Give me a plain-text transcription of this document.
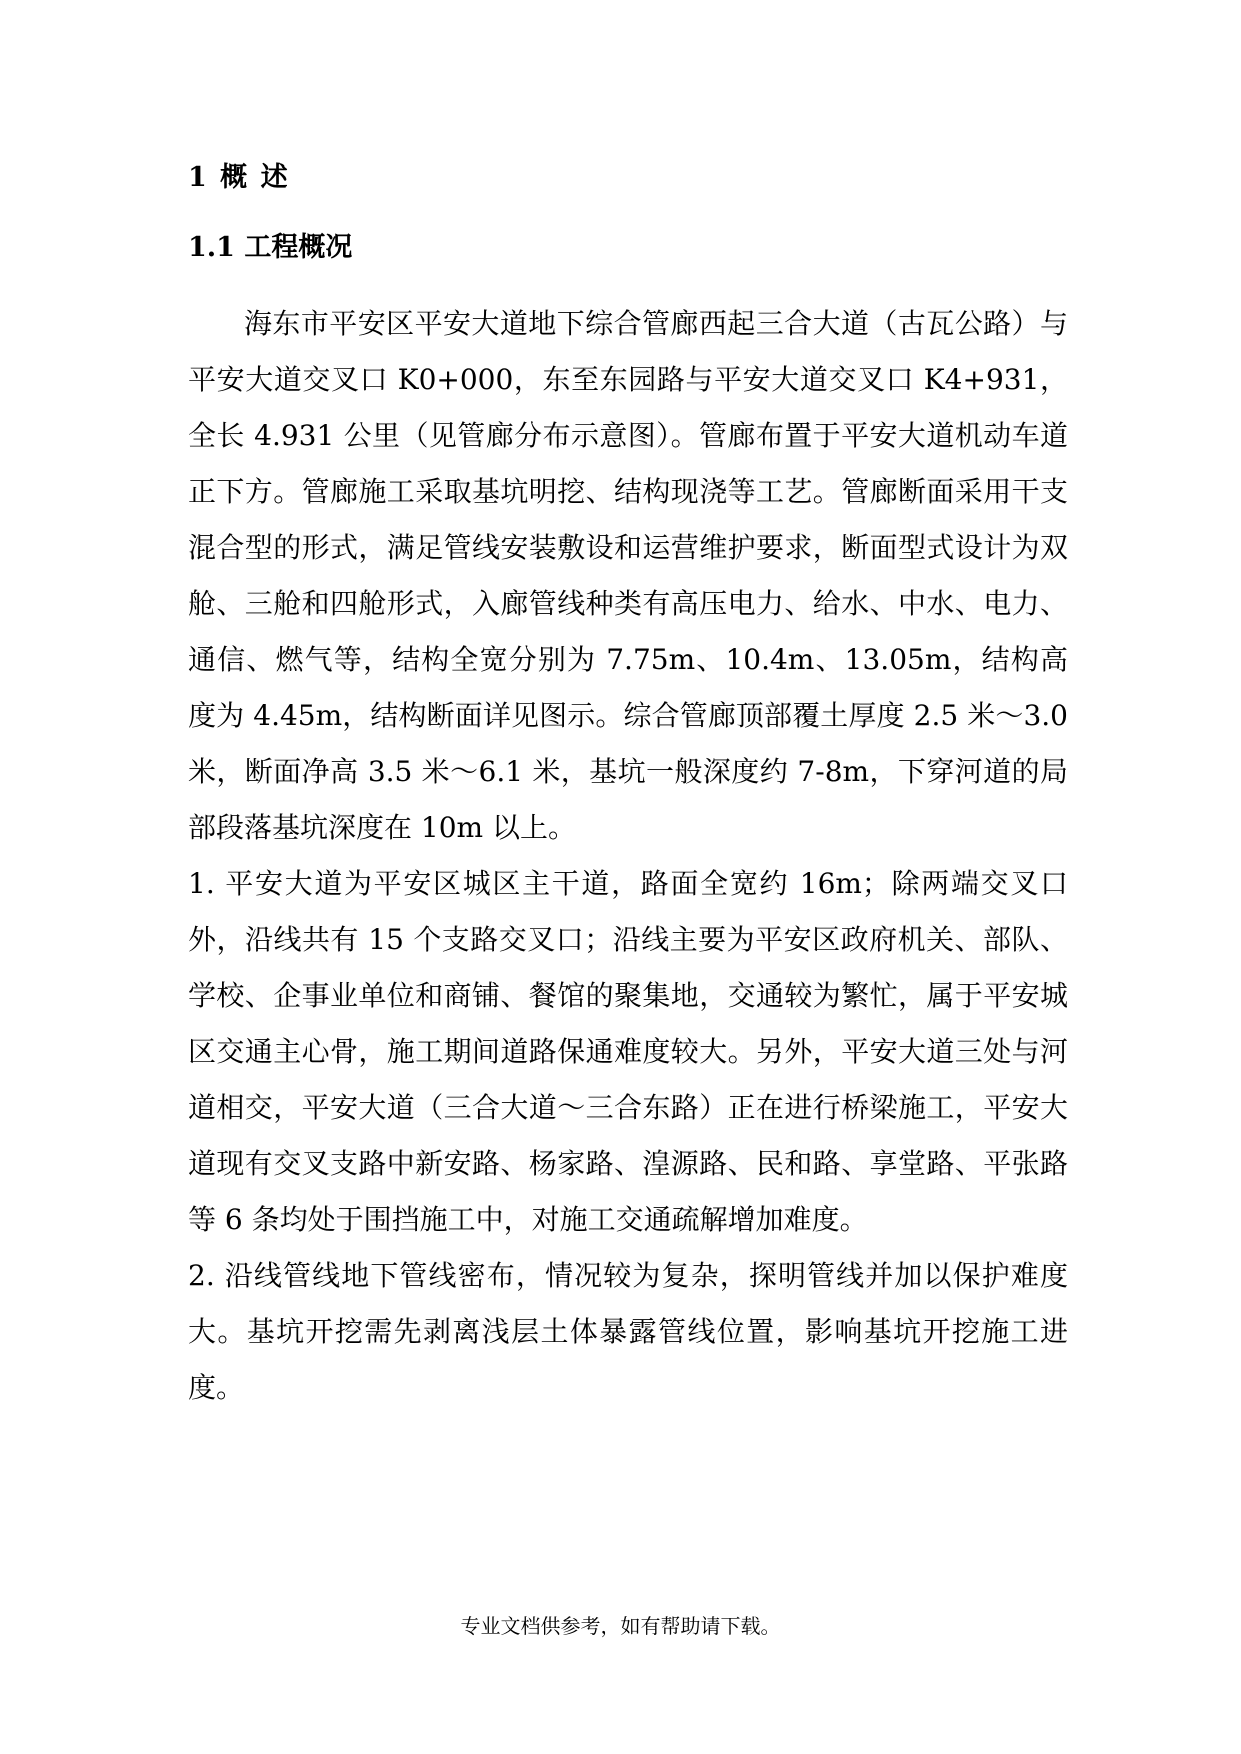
1 概 述
1.1 工程概况

海东市平安区平安大道地下综合管廊西起三合大道（古瓦公路）与平安大道交叉口 K0+000，东至东园路与平安大道交叉口 K4+931，全长 4.931 公里（见管廊分布示意图）。管廊布置于平安大道机动车道正下方。管廊施工采取基坑明挖、结构现浇等工艺。管廊断面采用干支混合型的形式，满足管线安装敷设和运营维护要求，断面型式设计为双舱、三舱和四舱形式，入廊管线种类有高压电力、给水、中水、电力、通信、燃气等，结构全宽分别为 7.75m、10.4m、13.05m，结构高度为 4.45m，结构断面详见图示。综合管廊顶部覆土厚度 2.5 米～3.0 米，断面净高 3.5 米～6.1 米，基坑一般深度约 7-8m，下穿河道的局部段落基坑深度在 10m 以上。

1. 平安大道为平安区城区主干道，路面全宽约 16m；除两端交叉口外，沿线共有 15 个支路交叉口；沿线主要为平安区政府机关、部队、学校、企事业单位和商铺、餐馆的聚集地，交通较为繁忙，属于平安城区交通主心骨，施工期间道路保通难度较大。另外，平安大道三处与河道相交，平安大道（三合大道～三合东路）正在进行桥梁施工，平安大道现有交叉支路中新安路、杨家路、湟源路、民和路、享堂路、平张路等 6 条均处于围挡施工中，对施工交通疏解增加难度。

2. 沿线管线地下管线密布，情况较为复杂，探明管线并加以保护难度大。基坑开挖需先剥离浅层土体暴露管线位置，影响基坑开挖施工进度。

专业文档供参考，如有帮助请下载。
